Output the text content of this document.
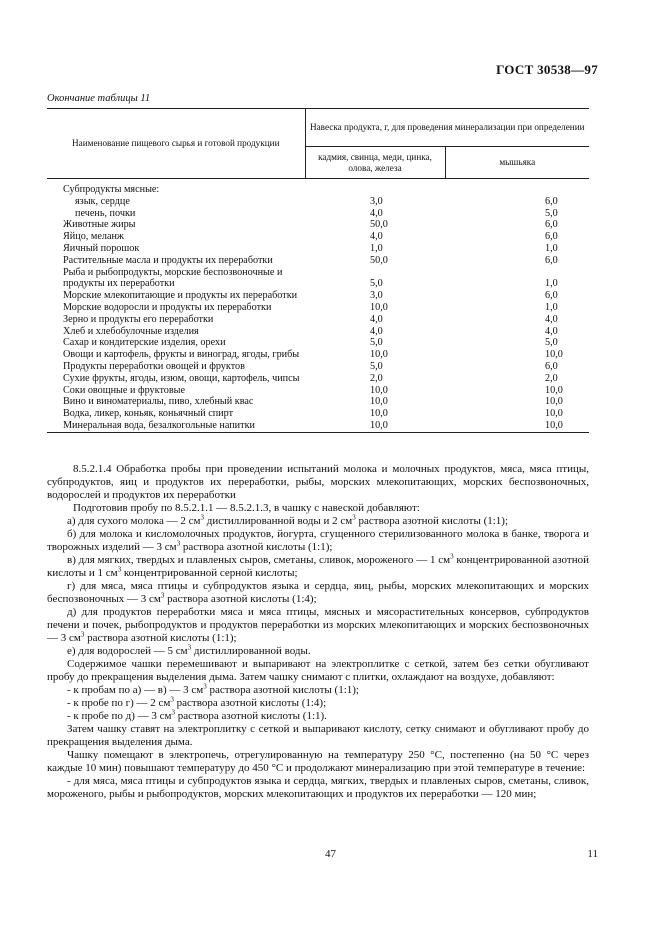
ГОСТ 30538—97
Окончание таблицы 11
Наименование пищевого сырья и готовой продукции	Навеска продукта, г, для проведения минерализации при определении	
	кадмия, свинца, меди, цинка, олова, железа	мышьяка
Субпродукты мясные:		
язык, сердце	3,0	6,0
печень, почки	4,0	5,0
Животные жиры	50,0	6,0
Яйцо, меланж	4,0	6,0
Яичный порошок	1,0	1,0
Растительные масла и продукты их переработки	50,0	6,0
Рыба и рыбопродукты, морские беспозвоночные и продукты их переработки	5,0	1,0
Морские млекопитающие и продукты их переработки	3,0	6,0
Морские водоросли и продукты их переработки	10,0	1,0
Зерно и продукты его переработки	4,0	4,0
Хлеб и хлебобулочные изделия	4,0	4,0
Сахар и кондитерские изделия, орехи	5,0	5,0
Овощи и картофель, фрукты и виноград, ягоды, грибы	10,0	10,0
Продукты переработки овощей и фруктов	5,0	6,0
Сухие фрукты, ягоды, изюм, овощи, картофель, чипсы	2,0	2,0
Соки овощные и фруктовые	10,0	10,0
Вино и виноматериалы, пиво, хлебный квас	10,0	10,0
Водка, ликер, коньяк, коньячный спирт	10,0	10,0
Минеральная вода, безалкогольные напитки	10,0	10,0

8.5.2.1.4 Обработка пробы при проведении испытаний молока и молочных продуктов, мяса, мяса птицы, субпродуктов, яиц и продуктов их переработки, рыбы, морских млекопитающих, морских беспозвоночных, водорослей и продуктов их переработки

Подготовив пробу по 8.5.2.1.1 — 8.5.2.1.3, в чашку с навеской добавляют:

а) для сухого молока — 2 $см^3$ дистиллированной воды и 2 $см^3$ раствора азотной кислоты (1:1);

б) для молока и кисломолочных продуктов, йогурта, сгущенного стерилизованного молока в банке, творога и творожных изделий — 3 $см^3$ раствора азотной кислоты (1:1);

в) для мягких, твердых и плавленых сыров, сметаны, сливок, мороженого — 1 $см^3$ концентрированной азотной кислоты и 1 $см^3$ концентрированной серной кислоты;

г) для мяса, мяса птицы и субпродуктов языка и сердца, яиц, рыбы, морских млекопитающих и морских беспозвоночных — 3 $см^3$ раствора азотной кислоты (1:4);

д) для продуктов переработки мяса и мяса птицы, мясных и мясорастительных консервов, субпродуктов печени и почек, рыбопродуктов и продуктов переработки из морских млекопитающих и морских беспозвоночных — 3 $см^3$ раствора азотной кислоты (1:1);

е) для водорослей — 5 $см^3$ дистиллированной воды.

Содержимое чашки перемешивают и выпаривают на электроплитке с сеткой, затем без сетки обугливают пробу до прекращения выделения дыма. Затем чашку снимают с плитки, охлаждают на воздухе, добавляют:

- к пробам по а) — в) — 3 $см^3$ раствора азотной кислоты (1:1);

- к пробе по г) — 2 $см^3$ раствора азотной кислоты (1:4);

- к пробе по д) — 3 $см^3$ раствора азотной кислоты (1:1).

Затем чашку ставят на электроплитку с сеткой и выпаривают кислоту, сетку снимают и обугливают пробу до прекращения выделения дыма.

Чашку помещают в электропечь, отрегулированную на температуру 250 °С, постепенно (на 50 °С через каждые 10 мин) повышают температуру до 450 °С и продолжают минерализацию при этой температуре в течение:

- для мяса, мяса птицы и субпродуктов языка и сердца, мягких, твердых и плавленых сыров, сметаны, сливок, мороженого, рыбы и рыбопродуктов, морских млекопитающих и продуктов их переработки — 120 мин;

47	11
